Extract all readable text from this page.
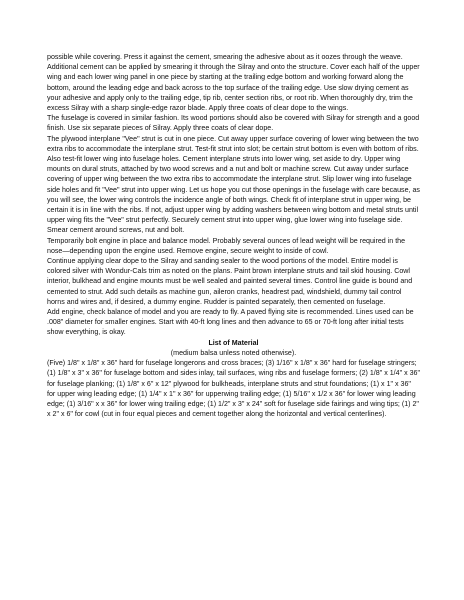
possible while covering. Press it against the cement, smearing the adhesive about as it oozes through the weave. Additional cement can be applied by smearing it through the Silray and onto the structure. Cover each half of the upper wing and each lower wing panel in one piece by starting at the trailing edge bottom and working forward along the bottom, around the leading edge and back across to the top surface of the trailing edge. Use slow drying cement as your adhesive and apply only to the trailing edge, tip rib, center section ribs, or root rib. When thoroughly dry, trim the excess Silray with a sharp single-edge razor blade. Apply three coats of clear dope to the wings.

The fuselage is covered in similar fashion. Its wood portions should also be covered with Silray for strength and a good finish. Use six separate pieces of Silray. Apply three coats of clear dope.

The plywood interplane "Vee" strut is cut in one piece. Cut away upper surface covering of lower wing between the two extra ribs to accommodate the interplane strut. Test-fit strut into slot; be certain strut bottom is even with bottom of ribs. Also test-fit lower wing into fuselage holes. Cement interplane struts into lower wing, set aside to dry. Upper wing mounts on dural struts, attached by two wood screws and a nut and bolt or machine screw. Cut away under surface covering of upper wing between the two extra ribs to accommodate the interplane strut. Slip lower wing into fuselage side holes and fit "Vee" strut into upper wing. Let us hope you cut those openings in the fuselage with care because, as you will see, the lower wing controls the incidence angle of both wings. Check fit of interplane strut in upper wing, be certain it is in line with the ribs. If not, adjust upper wing by adding washers between wing bottom and metal struts until upper wing fits the "Vee" strut perfectly. Securely cement strut into upper wing, glue lower wing into fuselage side. Smear cement around screws, nut and bolt.

Temporarily bolt engine in place and balance model. Probably several ounces of lead weight will be required in the nose—depending upon the engine used. Remove engine, secure weight to inside of cowl.

Continue applying clear dope to the Silray and sanding sealer to the wood portions of the model. Entire model is colored silver with Wondur-Cals trim as noted on the plans. Paint brown interplane struts and tail skid housing. Cowl interior, bulkhead and engine mounts must be well sealed and painted several times. Control line guide is bound and cemented to strut. Add such details as machine gun, aileron cranks, headrest pad, windshield, dummy tail control horns and wires and, if desired, a dummy engine. Rudder is painted separately, then cemented on fuselage.

Add engine, check balance of model and you are ready to fly. A paved flying site is recommended. Lines used can be .008" diameter for smaller engines. Start with 40-ft long lines and then advance to 65 or 70-ft long after initial tests show everything, is okay.

List of Material

(medium balsa unless noted otherwise).

(Five) 1/8" x 1/8" x 36" hard for fuselage longerons and cross braces; (3) 1/16" x 1/8" x 36" hard for fuselage stringers; (1) 1/8" x 3" x 36" for fuselage bottom and sides inlay, tail surfaces, wing ribs and fuselage formers; (2) 1/8" x 1/4" x 36" for fuselage planking; (1) 1/8" x 6" x 12" plywood for bulkheads, interplane struts and strut foundations; (1) x 1" x 36" for upper wing leading edge; (1) 1/4" x 1" x 36" for upperwing trailing edge; (1) 5/16" x 1/2 x 36" for lower wing leading edge; (1) 3/16" x x 36" for lower wing trailing edge; (1) 1/2" x 3" x 24" soft for fuselage side fairings and wing tips; (1) 2" x 2" x 6" for cowl (cut in four equal pieces and cement together along the horizontal and vertical centerlines).
